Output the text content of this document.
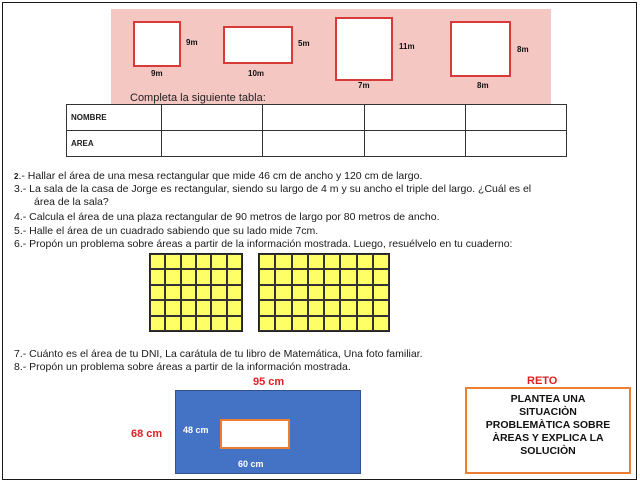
9m
9m
5m
10m
11m
7m
8m
8m
Completa la siguiente tabla:
NOMBRE				
AREA				
2.- Hallar el área de una mesa rectangular que mide 46 cm de ancho y 120 cm de largo.
3.- La sala de la casa de Jorge es rectangular, siendo su largo de 4 m y su ancho el triple del largo. ¿Cuál es el
área de la sala?
4.- Calcula el área de una plaza rectangular de 90 metros de largo por 80 metros de ancho.
5.- Halle el área de un cuadrado sabiendo que su lado mide 7cm.
6.- Propón un problema sobre áreas a partir de la información mostrada. Luego, resuélvelo en tu cuaderno:
7.- Cuánto es el área de tu DNI, La carátula de tu libro de Matemática, Una foto familiar.
8.- Propón un problema sobre áreas a partir de la información mostrada.
95 cm
68 cm 48 cm
60 cm
RETO
PLANTEA UNA
SITUACIÒN
PROBLEMÀTICA SOBRE
ÀREAS Y EXPLICA LA
SOLUCIÒN
